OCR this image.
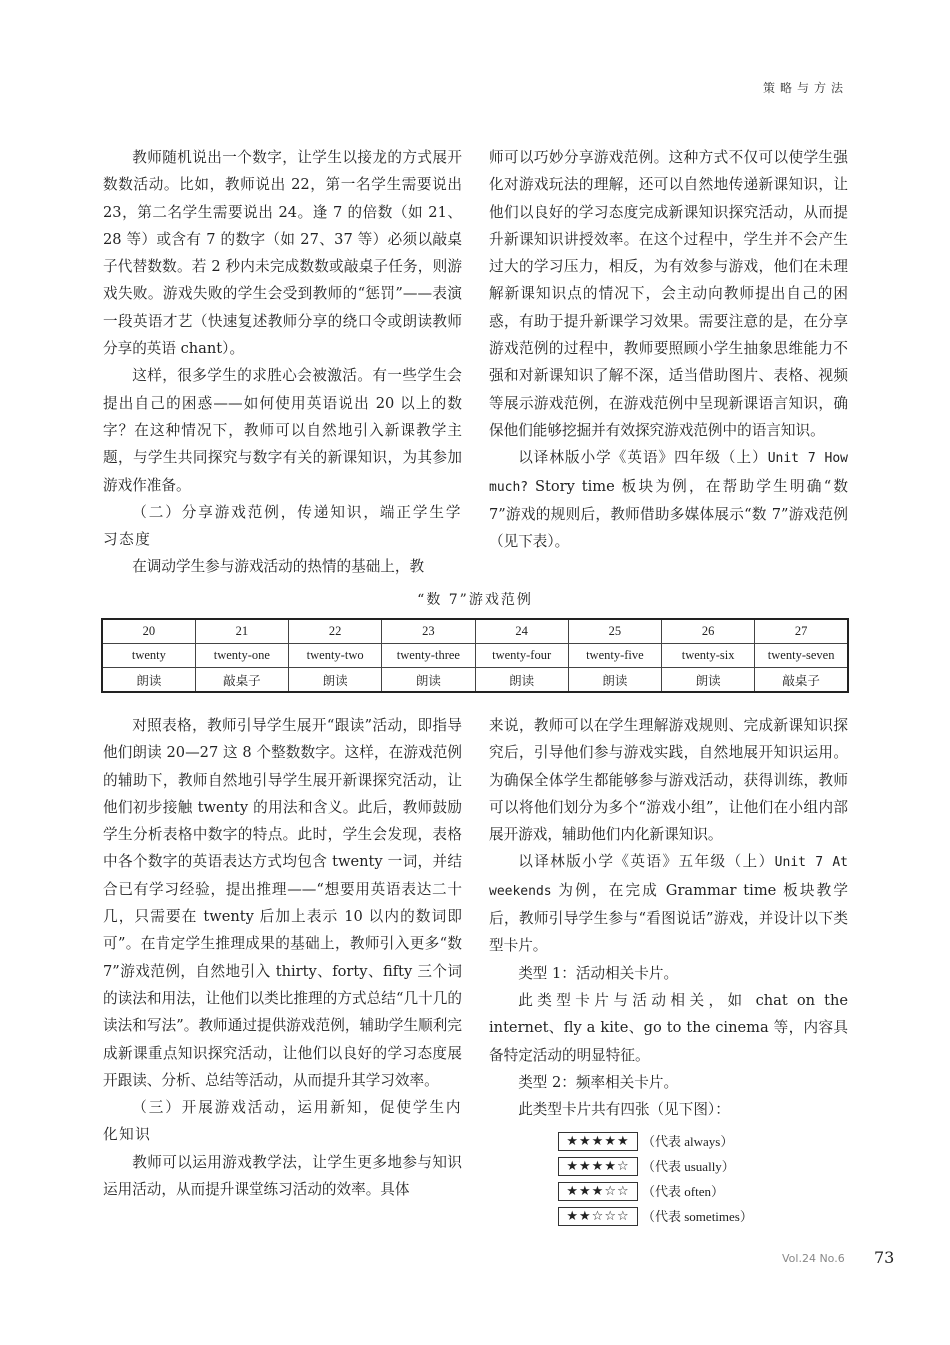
策略与方法

教师随机说出一个数字，让学生以接龙的方式展开数数活动。比如，教师说出 22，第一名学生需要说出 23，第二名学生需要说出 24。逢 7 的倍数（如 21、28 等）或含有 7 的数字（如 27、37 等）必须以敲桌子代替数数。若 2 秒内未完成数数或敲桌子任务，则游戏失败。游戏失败的学生会受到教师的“惩罚”——表演一段英语才艺（快速复述教师分享的绕口令或朗读教师分享的英语 chant）。

这样，很多学生的求胜心会被激活。有一些学生会提出自己的困惑——如何使用英语说出 20 以上的数字？在这种情况下，教师可以自然地引入新课教学主题，与学生共同探究与数字有关的新课知识，为其参加游戏作准备。

（二）分享游戏范例，传递知识，端正学生学习态度

在调动学生参与游戏活动的热情的基础上，教

师可以巧妙分享游戏范例。这种方式不仅可以使学生强化对游戏玩法的理解，还可以自然地传递新课知识，让他们以良好的学习态度完成新课知识探究活动，从而提升新课知识讲授效率。在这个过程中，学生并不会产生过大的学习压力，相反，为有效参与游戏，他们在未理解新课知识点的情况下，会主动向教师提出自己的困惑，有助于提升新课学习效果。需要注意的是，在分享游戏范例的过程中，教师要照顾小学生抽象思维能力不强和对新课知识了解不深，适当借助图片、表格、视频等展示游戏范例，在游戏范例中呈现新课语言知识，确保他们能够挖掘并有效探究游戏范例中的语言知识。

以译林版小学《英语》四年级（上）Unit 7 How much? Story time 板块为例，在帮助学生明确“数 7”游戏的规则后，教师借助多媒体展示“数 7”游戏范例（见下表）。

“数 7”游戏范例
20	21	22	23	24	25	26	27
twenty	twenty-one	twenty-two	twenty-three	twenty-four	twenty-five	twenty-six	twenty-seven
朗读	敲桌子	朗读	朗读	朗读	朗读	朗读	敲桌子

对照表格，教师引导学生展开“跟读”活动，即指导他们朗读 20—27 这 8 个整数数字。这样，在游戏范例的辅助下，教师自然地引导学生展开新课探究活动，让他们初步接触 twenty 的用法和含义。此后，教师鼓励学生分析表格中数字的特点。此时，学生会发现，表格中各个数字的英语表达方式均包含 twenty 一词，并结合已有学习经验，提出推理——“想要用英语表达二十几，只需要在 twenty 后加上表示 10 以内的数词即可”。在肯定学生推理成果的基础上，教师引入更多“数 7”游戏范例，自然地引入 thirty、forty、fifty 三个词的读法和用法，让他们以类比推理的方式总结“几十几的读法和写法”。教师通过提供游戏范例，辅助学生顺利完成新课重点知识探究活动，让他们以良好的学习态度展开跟读、分析、总结等活动，从而提升其学习效率。

（三）开展游戏活动，运用新知，促使学生内化知识

教师可以运用游戏教学法，让学生更多地参与知识运用活动，从而提升课堂练习活动的效率。具体

来说，教师可以在学生理解游戏规则、完成新课知识探究后，引导他们参与游戏实践，自然地展开知识运用。为确保全体学生都能够参与游戏活动，获得训练，教师可以将他们划分为多个“游戏小组”，让他们在小组内部展开游戏，辅助他们内化新课知识。

以译林版小学《英语》五年级（上）Unit 7 At weekends 为例，在完成 Grammar time 板块教学后，教师引导学生参与“看图说话”游戏，并设计以下类型卡片。

类型 1：活动相关卡片。

此类型卡片与活动相关，如 chat on the internet、fly a kite、go to the cinema 等，内容具备特定活动的明显特征。

类型 2：频率相关卡片。

此类型卡片共有四张（见下图）：

★★★★★ （代表 always）
★★★★☆ （代表 usually）
★★★☆☆ （代表 often）
★★☆☆☆ （代表 sometimes）
Vol.24 No.6 73
